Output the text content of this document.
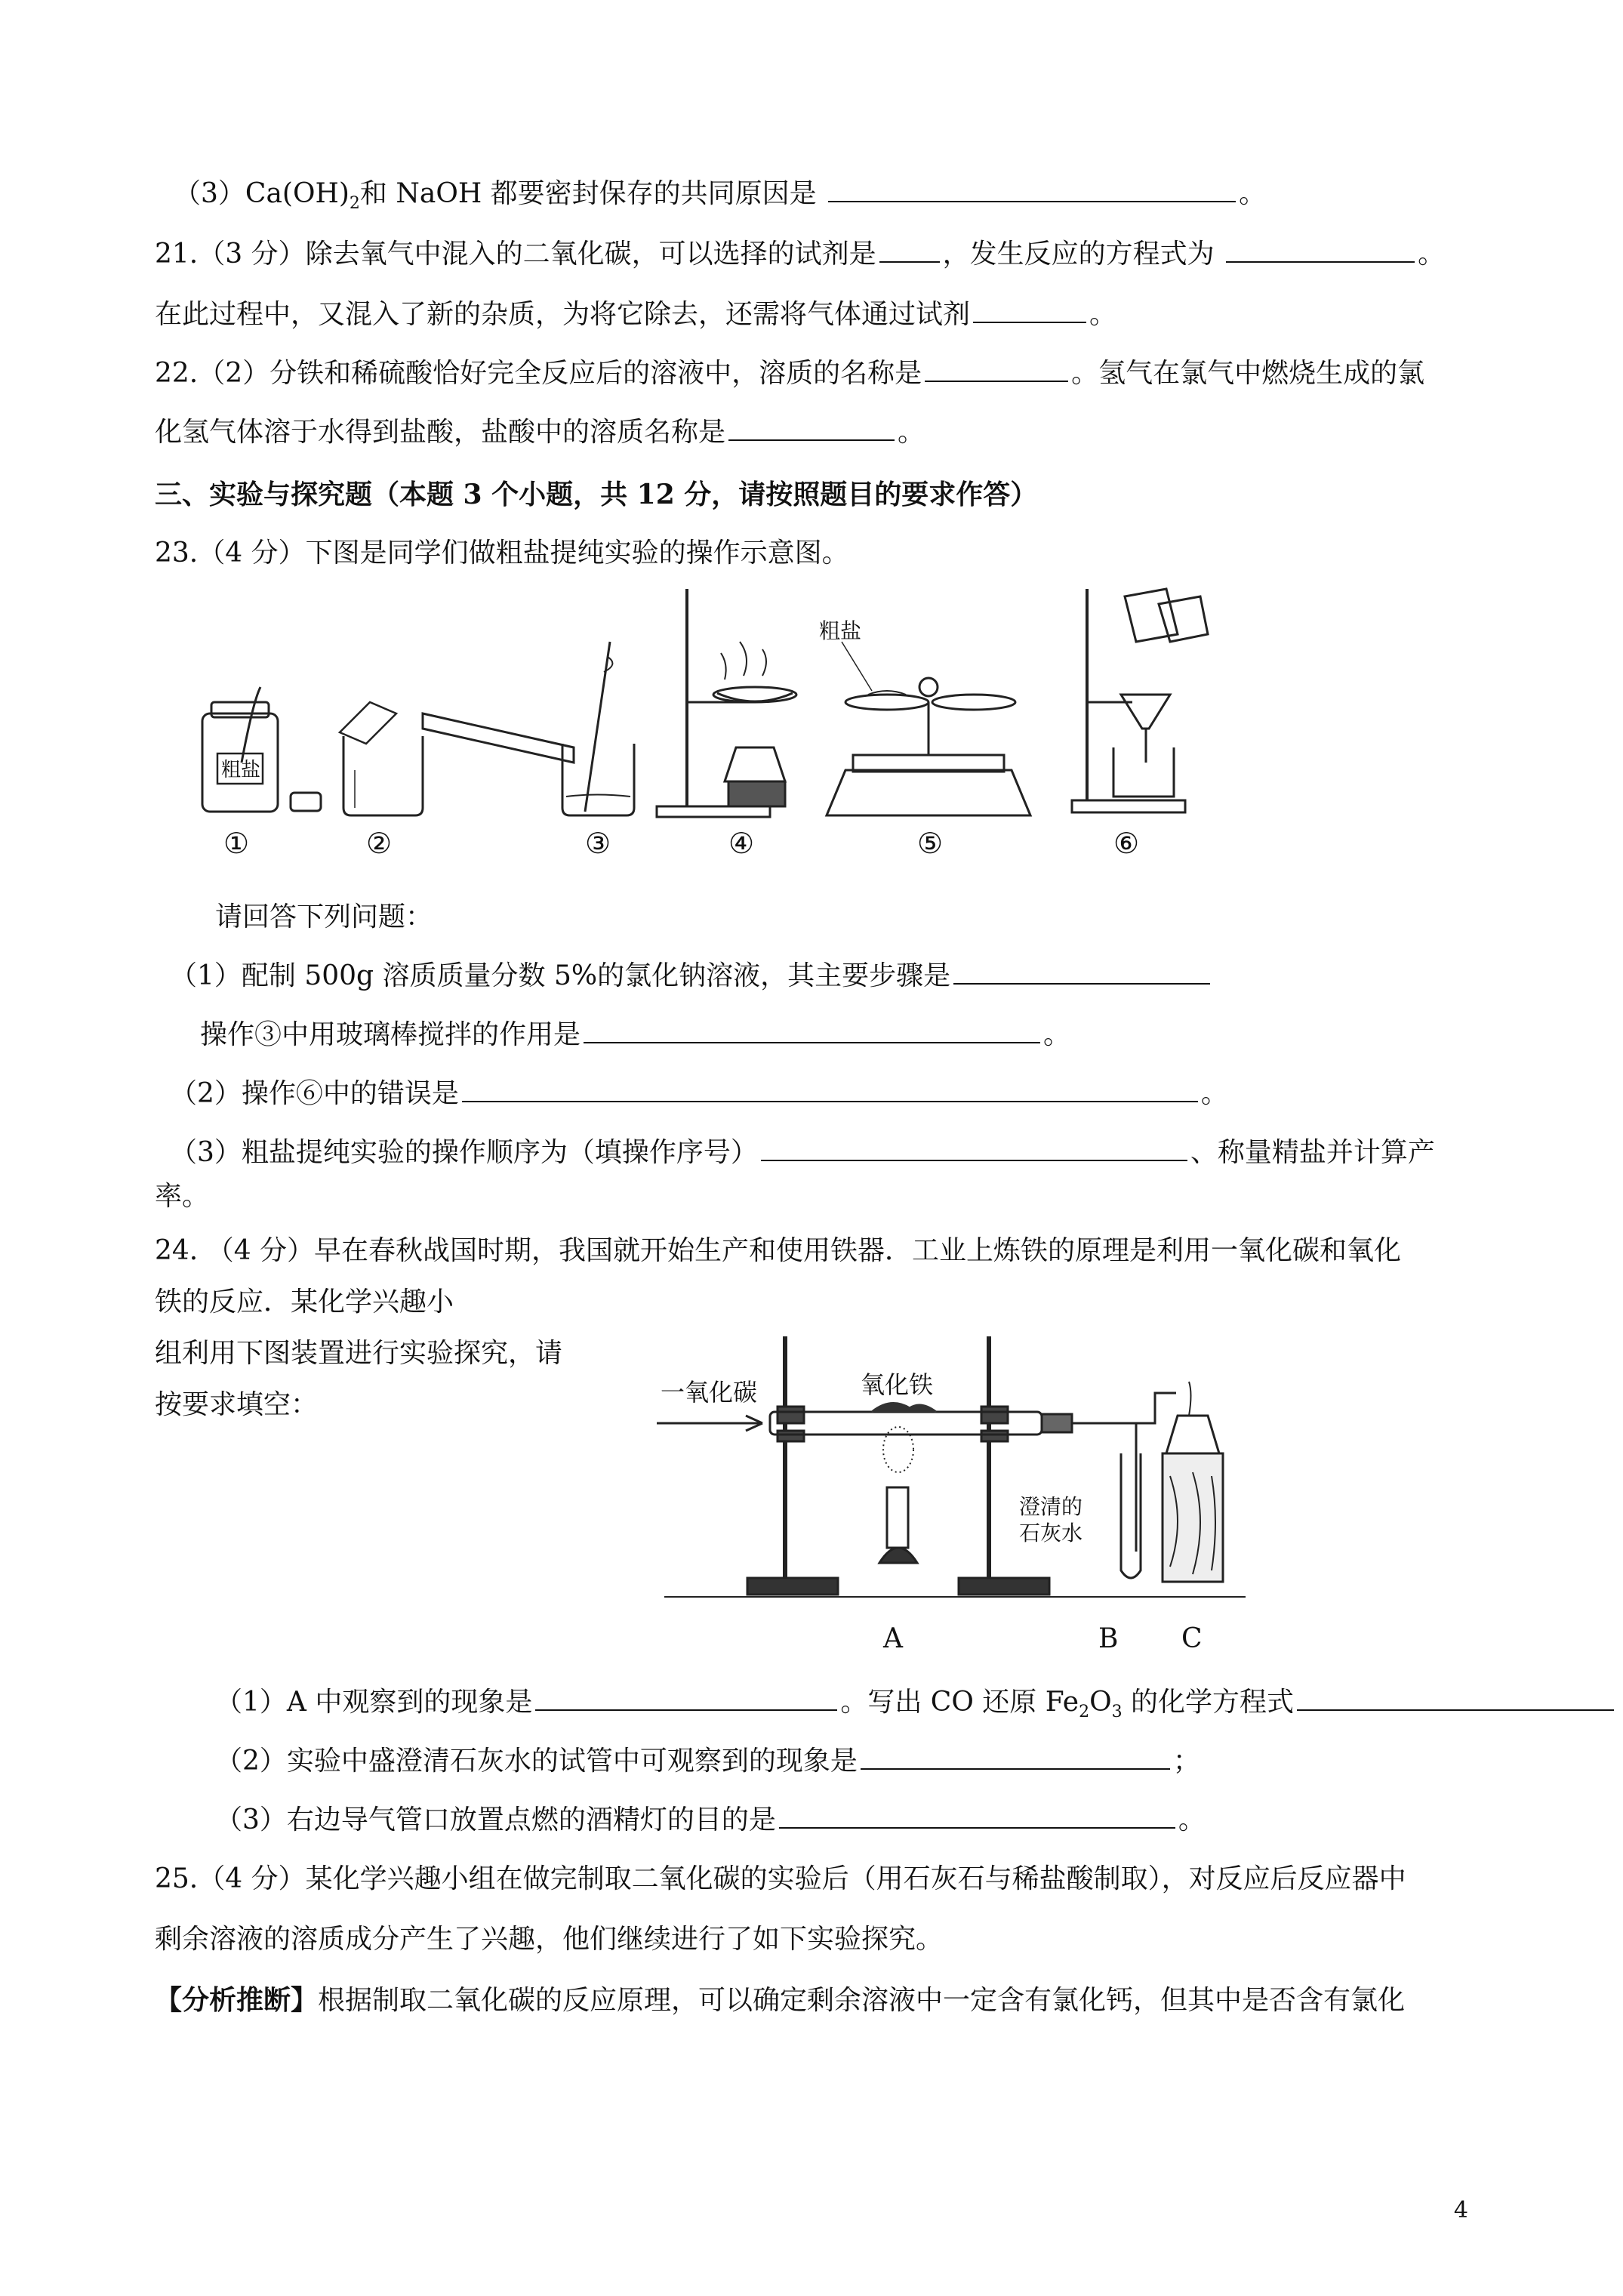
$(3)Ca(OH)_2$和 NaOH 都要密封保存的共同原因是	。
21.（3 分）除去氧气中混入的二氧化碳，可以选择的试剂是 ，发生反应的方程式为	。
在此过程中，又混入了新的杂质，为将它除去，还需将气体通过试剂	。
22.（2）分铁和稀硫酸恰好完全反应后的溶液中，溶质的名称是	。氢气在氯气中燃烧生成的氯
化氢气体溶于水得到盐酸，盐酸中的溶质名称是	。
三、实验与探究题（本题 3 个小题，共 12 分，请按照题目的要求作答）
23.（4 分）下图是同学们做粗盐提纯实验的操作示意图。
粗盐
粗盐
①	②	③	④	⑤	⑥
请回答下列问题：
（1）配制 500g 溶质质量分数 5%的氯化钠溶液，其主要步骤是
操作③中用玻璃棒搅拌的作用是	。
（2）操作⑥中的错误是	。
（3）粗盐提纯实验的操作顺序为（填操作序号）	、称量精盐并计算产
率。
24. （4 分）早在春秋战国时期，我国就开始生产和使用铁器．工业上炼铁的原理是利用一氧化碳和氧化
铁的反应．某化学兴趣小
组利用下图装置进行实验探究，请
按要求填空：	一氧化碳	氧化铁
澄清的
石灰水
A	B C
（1）A 中观察到的现象是	。写出 CO 还原 $Fe_2O_3$ 的化学方程式
（2）实验中盛澄清石灰水的试管中可观察到的现象是	；
（3）右边导气管口放置点燃的酒精灯的目的是	。
25.（4 分）某化学兴趣小组在做完制取二氧化碳的实验后（用石灰石与稀盐酸制取），对反应后反应器中
剩余溶液的溶质成分产生了兴趣，他们继续进行了如下实验探究。
【分析推断】根据制取二氧化碳的反应原理，可以确定剩余溶液中一定含有氯化钙，但其中是否含有氯化
4
